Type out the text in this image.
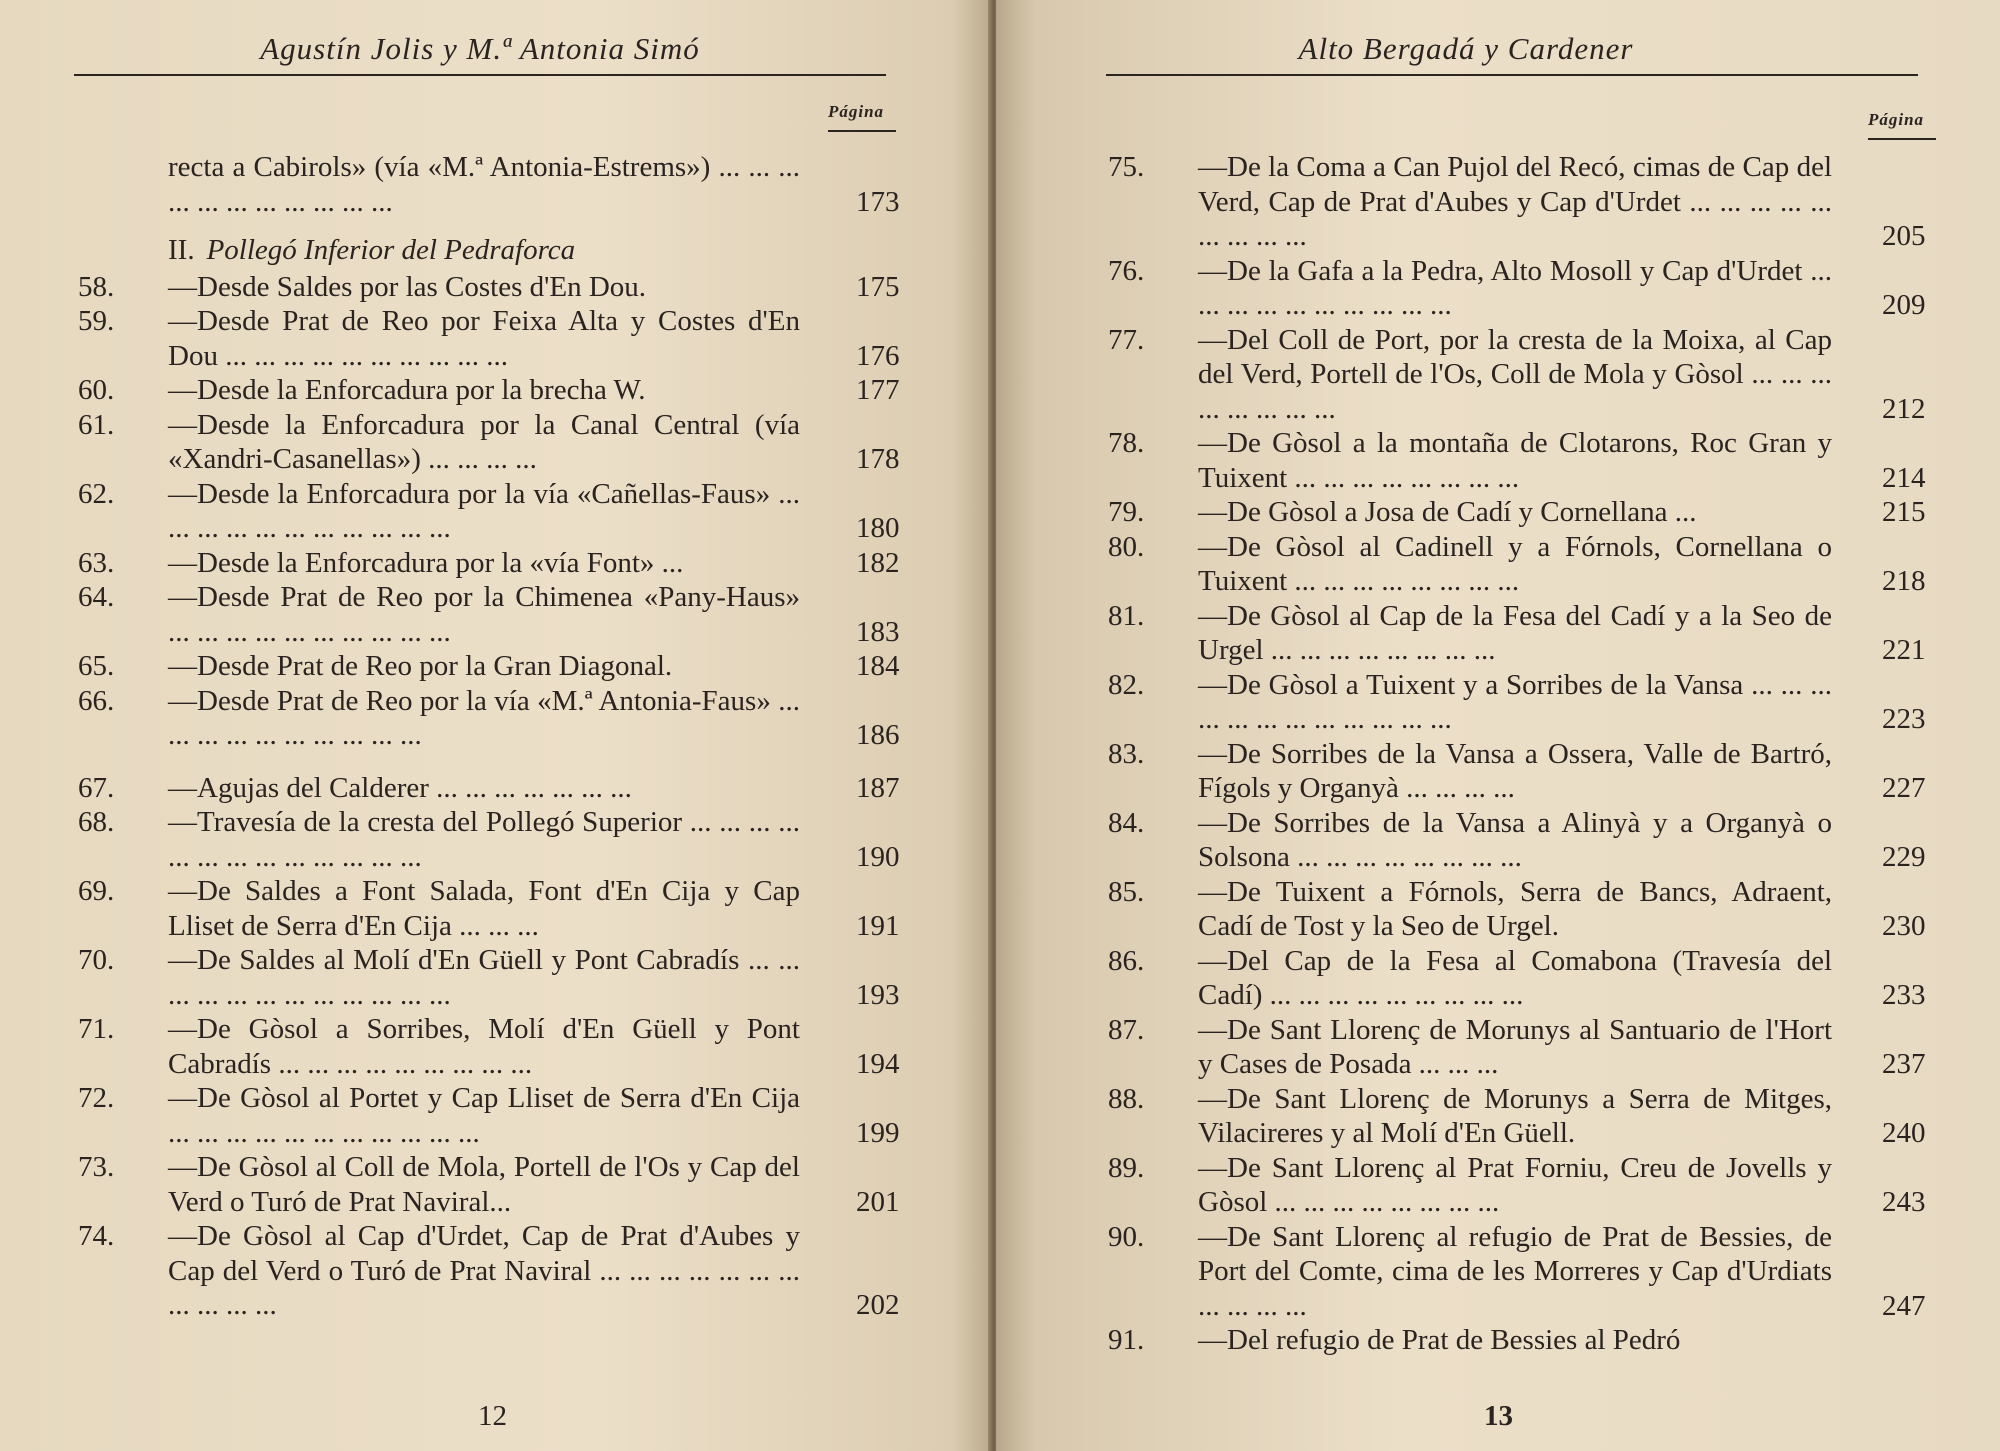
Agustín Jolis y M.ª Antonia Simó
Página
recta a Cabirols» (vía «M.ª Antonia-Estrems») ... ... ... ... ... ... ... ... ... ... ...	173
II. Pollegó Inferior del Pedraforca
58.	—Desde Saldes por las Costes d'En Dou.	175
59.	—Desde Prat de Reo por Feixa Alta y Costes d'En Dou ... ... ... ... ... ... ... ... ... ...	176
60.	—Desde la Enforcadura por la brecha W.	177
61.	—Desde la Enforcadura por la Canal Central (vía «Xandri-Casanellas») ... ... ... ...	178
62.	—Desde la Enforcadura por la vía «Cañellas-Faus» ... ... ... ... ... ... ... ... ... ... ...	180
63.	—Desde la Enforcadura por la «vía Font» ...	182
64.	—Desde Prat de Reo por la Chimenea «Pany-Haus» ... ... ... ... ... ... ... ... ... ...	183
65.	—Desde Prat de Reo por la Gran Diagonal.	184
66.	—Desde Prat de Reo por la vía «M.ª Antonia-Faus» ... ... ... ... ... ... ... ... ... ...	186
67.	—Agujas del Calderer ... ... ... ... ... ... ...	187
68.	—Travesía de la cresta del Pollegó Superior ... ... ... ... ... ... ... ... ... ... ... ... ...	190
69.	—De Saldes a Font Salada, Font d'En Cija y Cap Lliset de Serra d'En Cija ... ... ...	191
70.	—De Saldes al Molí d'En Güell y Pont Cabradís ... ... ... ... ... ... ... ... ... ... ... ...	193
71.	—De Gòsol a Sorribes, Molí d'En Güell y Pont Cabradís ... ... ... ... ... ... ... ... ...	194
72.	—De Gòsol al Portet y Cap Lliset de Serra d'En Cija ... ... ... ... ... ... ... ... ... ... ...	199
73.	—De Gòsol al Coll de Mola, Portell de l'Os y Cap del Verd o Turó de Prat Naviral...	201
74.	—De Gòsol al Cap d'Urdet, Cap de Prat d'Aubes y Cap del Verd o Turó de Prat Naviral ... ... ... ... ... ... ... ... ... ... ...	202
12
Alto Bergadá y Cardener
Página
75.	—De la Coma a Can Pujol del Recó, cimas de Cap del Verd, Cap de Prat d'Aubes y Cap d'Urdet ... ... ... ... ... ... ... ... ...	205
76.	—De la Gafa a la Pedra, Alto Mosoll y Cap d'Urdet ... ... ... ... ... ... ... ... ... ...	209
77.	—Del Coll de Port, por la cresta de la Moixa, al Cap del Verd, Portell de l'Os, Coll de Mola y Gòsol ... ... ... ... ... ... ... ...	212
78.	—De Gòsol a la montaña de Clotarons, Roc Gran y Tuixent ... ... ... ... ... ... ... ...	214
79.	—De Gòsol a Josa de Cadí y Cornellana ...	215
80.	—De Gòsol al Cadinell y a Fórnols, Cornellana o Tuixent ... ... ... ... ... ... ... ...	218
81.	—De Gòsol al Cap de la Fesa del Cadí y a la Seo de Urgel ... ... ... ... ... ... ... ...	221
82.	—De Gòsol a Tuixent y a Sorribes de la Vansa ... ... ... ... ... ... ... ... ... ... ... ...	223
83.	—De Sorribes de la Vansa a Ossera, Valle de Bartró, Fígols y Organyà ... ... ... ...	227
84.	—De Sorribes de la Vansa a Alinyà y a Organyà o Solsona ... ... ... ... ... ... ... ...	229
85.	—De Tuixent a Fórnols, Serra de Bancs, Adraent, Cadí de Tost y la Seo de Urgel.	230
86.	—Del Cap de la Fesa al Comabona (Travesía del Cadí) ... ... ... ... ... ... ... ... ...	233
87.	—De Sant Llorenç de Morunys al Santuario de l'Hort y Cases de Posada ... ... ...	237
88.	—De Sant Llorenç de Morunys a Serra de Mitges, Vilacireres y al Molí d'En Güell.	240
89.	—De Sant Llorenç al Prat Forniu, Creu de Jovells y Gòsol ... ... ... ... ... ... ... ...	243
90.	—De Sant Llorenç al refugio de Prat de Bessies, de Port del Comte, cima de les Morreres y Cap d'Urdiats ... ... ... ...	247
91.	—Del refugio de Prat de Bessies al Pedró
13
